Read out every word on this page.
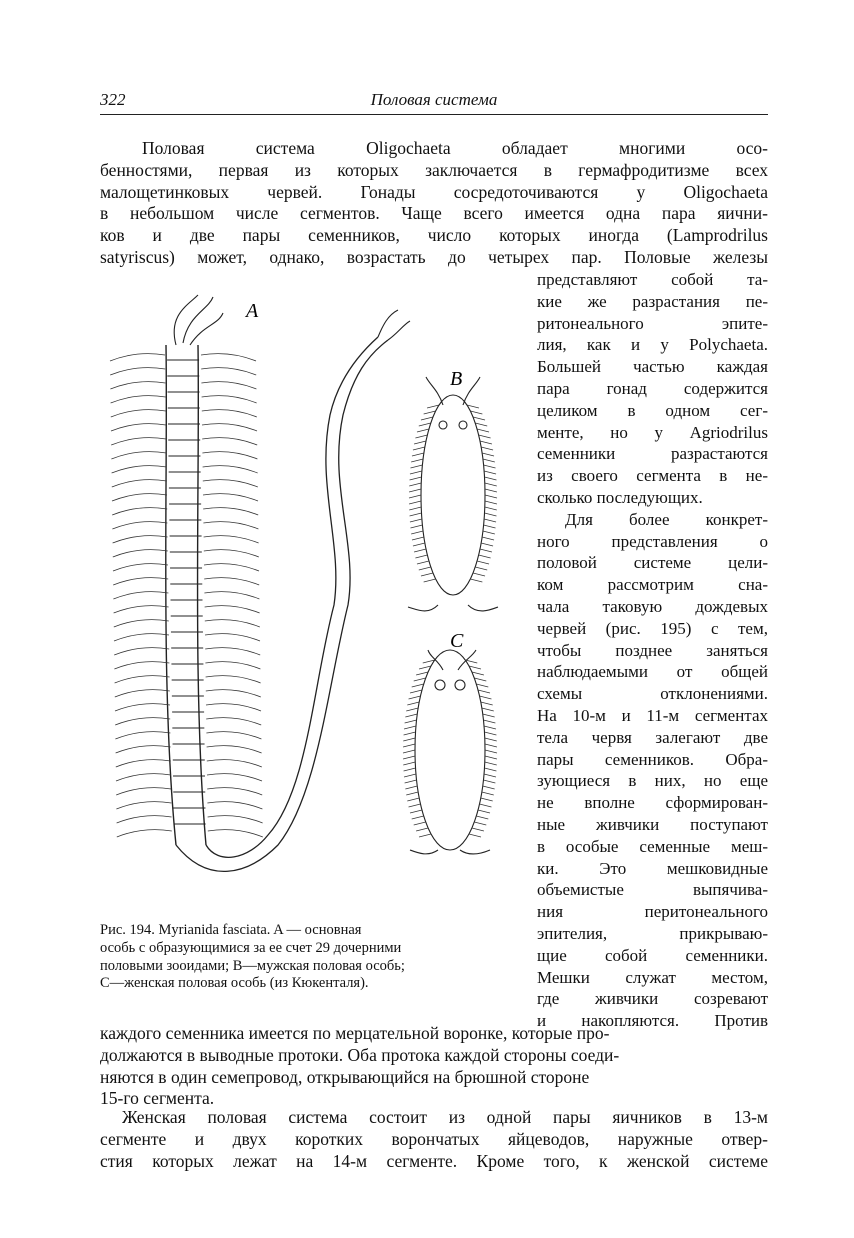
322	Половая система
Половая система Oligochaeta обладает многими осо-
бенностями, первая из которых заключается в гермафродитизме всех
малощетинковых червей. Гонады сосредоточиваются у Oligochaeta
в небольшом числе сегментов. Чаще всего имеется одна пара яични-
ков и две пары семенников, число которых иногда (Lamprodrilus
satyriscus) может, однако, возрастать до четырех пар. Половые железы
представляют собой та-
кие же разрастания пе-
ритонеального эпите-
лия, как и у Polychaeta.
Большей частью каждая
пара гонад содержится
целиком в одном сег-
менте, но у Agriodrilus
семенники разрастаются
из своего сегмента в не-
сколько последующих.
Для более конкрет-
ного представления о
половой системе цели-
ком рассмотрим сна-
чала таковую дождевых
червей (рис. 195) с тем,
чтобы позднее заняться
наблюдаемыми от общей
схемы отклонениями.
На 10-м и 11-м сегментах
тела червя залегают две
пары семенников. Обра-
зующиеся в них, но еще
не вполне сформирован-
ные живчики поступают
в особые семенные меш-
ки. Это мешковидные
объемистые выпячива-
ния перитонеального
эпителия, прикрываю-
щие собой семенники.
Мешки служат местом,
где живчики созревают
и накопляются. Против
A
B
C
Рис. 194. Myrianida fasciata. A — основная
особь с образующимися за ее счет 29 дочерними
половыми зооидами; B—мужская половая особь;
C—женская половая особь (из Кюкенталя).
каждого семенника имеется по мерцательной воронке, которые про-
должаются в выводные протоки. Оба протока каждой стороны соеди-
няются в один семепровод, открывающийся на брюшной стороне
15-го сегмента.
Женская половая система состоит из одной пары яичников в 13-м
сегменте и двух коротких ворончатых яйцеводов, наружные отвер-
стия которых лежат на 14-м сегменте. Кроме того, к женской системе
